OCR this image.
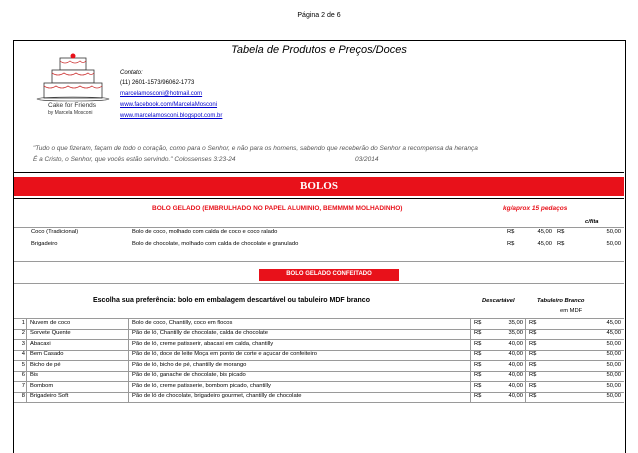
Página 2 de 6
Tabela de Produtos e Preços/Doces
Cake for Friends
by Marcela Mosconi
Contato:
(11) 2601-1573/96062-1773
marcelamosconi@hotmail.com
www.facebook.com/MarcelaMosconi
www.marcelamosconi.blogspot.com.br
"Tudo o que fizeram, façam de todo o coração, como para o Senhor, e não para os homens, sabendo que receberão do Senhor a recompensa da herança
É a Cristo, o Senhor, que vocês estão servindo." Colossenses 3:23-24	03/2014
BOLOS
BOLO GELADO (EMBRULHADO NO PAPEL ALUMINIO, BEMMMM MOLHADINHO)	kg/aprox 15 pedaços
c/fita
Coco (Tradicional)	Bolo de coco, molhado com calda de coco e coco ralado	R$	45,00 R$	50,00
Brigadeiro	Bolo de chocolate, molhado com calda de chocolate e granulado	R$	45,00 R$	50,00
BOLO GELADO CONFEITADO
Escolha sua preferência: bolo em embalagem descartável ou tabuleiro MDF branco	Descartável	Tabuleiro Branco
em MDF
1 Nuvem de coco	Bolo de coco, Chantilly, coco em flocos	R$	35,00 R$	45,00
2 Sorvete Quente	Pão de ló, Chantilly de chocolate, calda de chocolate	R$	35,00 R$	45,00
3 Abacaxi	Pão de ló, creme patisserir, abacaxi em calda, chantilly	R$	40,00 R$	50,00
4 Bem Casado	Pão de ló, doce de leite Moça em ponto de corte e açucar de confeiteiro	R$	40,00 R$	50,00
5 Bicho de pé	Pão de ló, bicho de pé, chantilly de morango	R$	40,00 R$	50,00
6 Bis	Pão de ló, ganache de chocolate, bis picado	R$	40,00 R$	50,00
7 Bombom	Pão de ló, creme patisserie, bombom picado, chantilly	R$	40,00 R$	50,00
8 Brigadeiro Soft	Pão de ló de chocolate, brigadeiro gourmet, chantilly de chocolate	R$	40,00 R$	50,00
